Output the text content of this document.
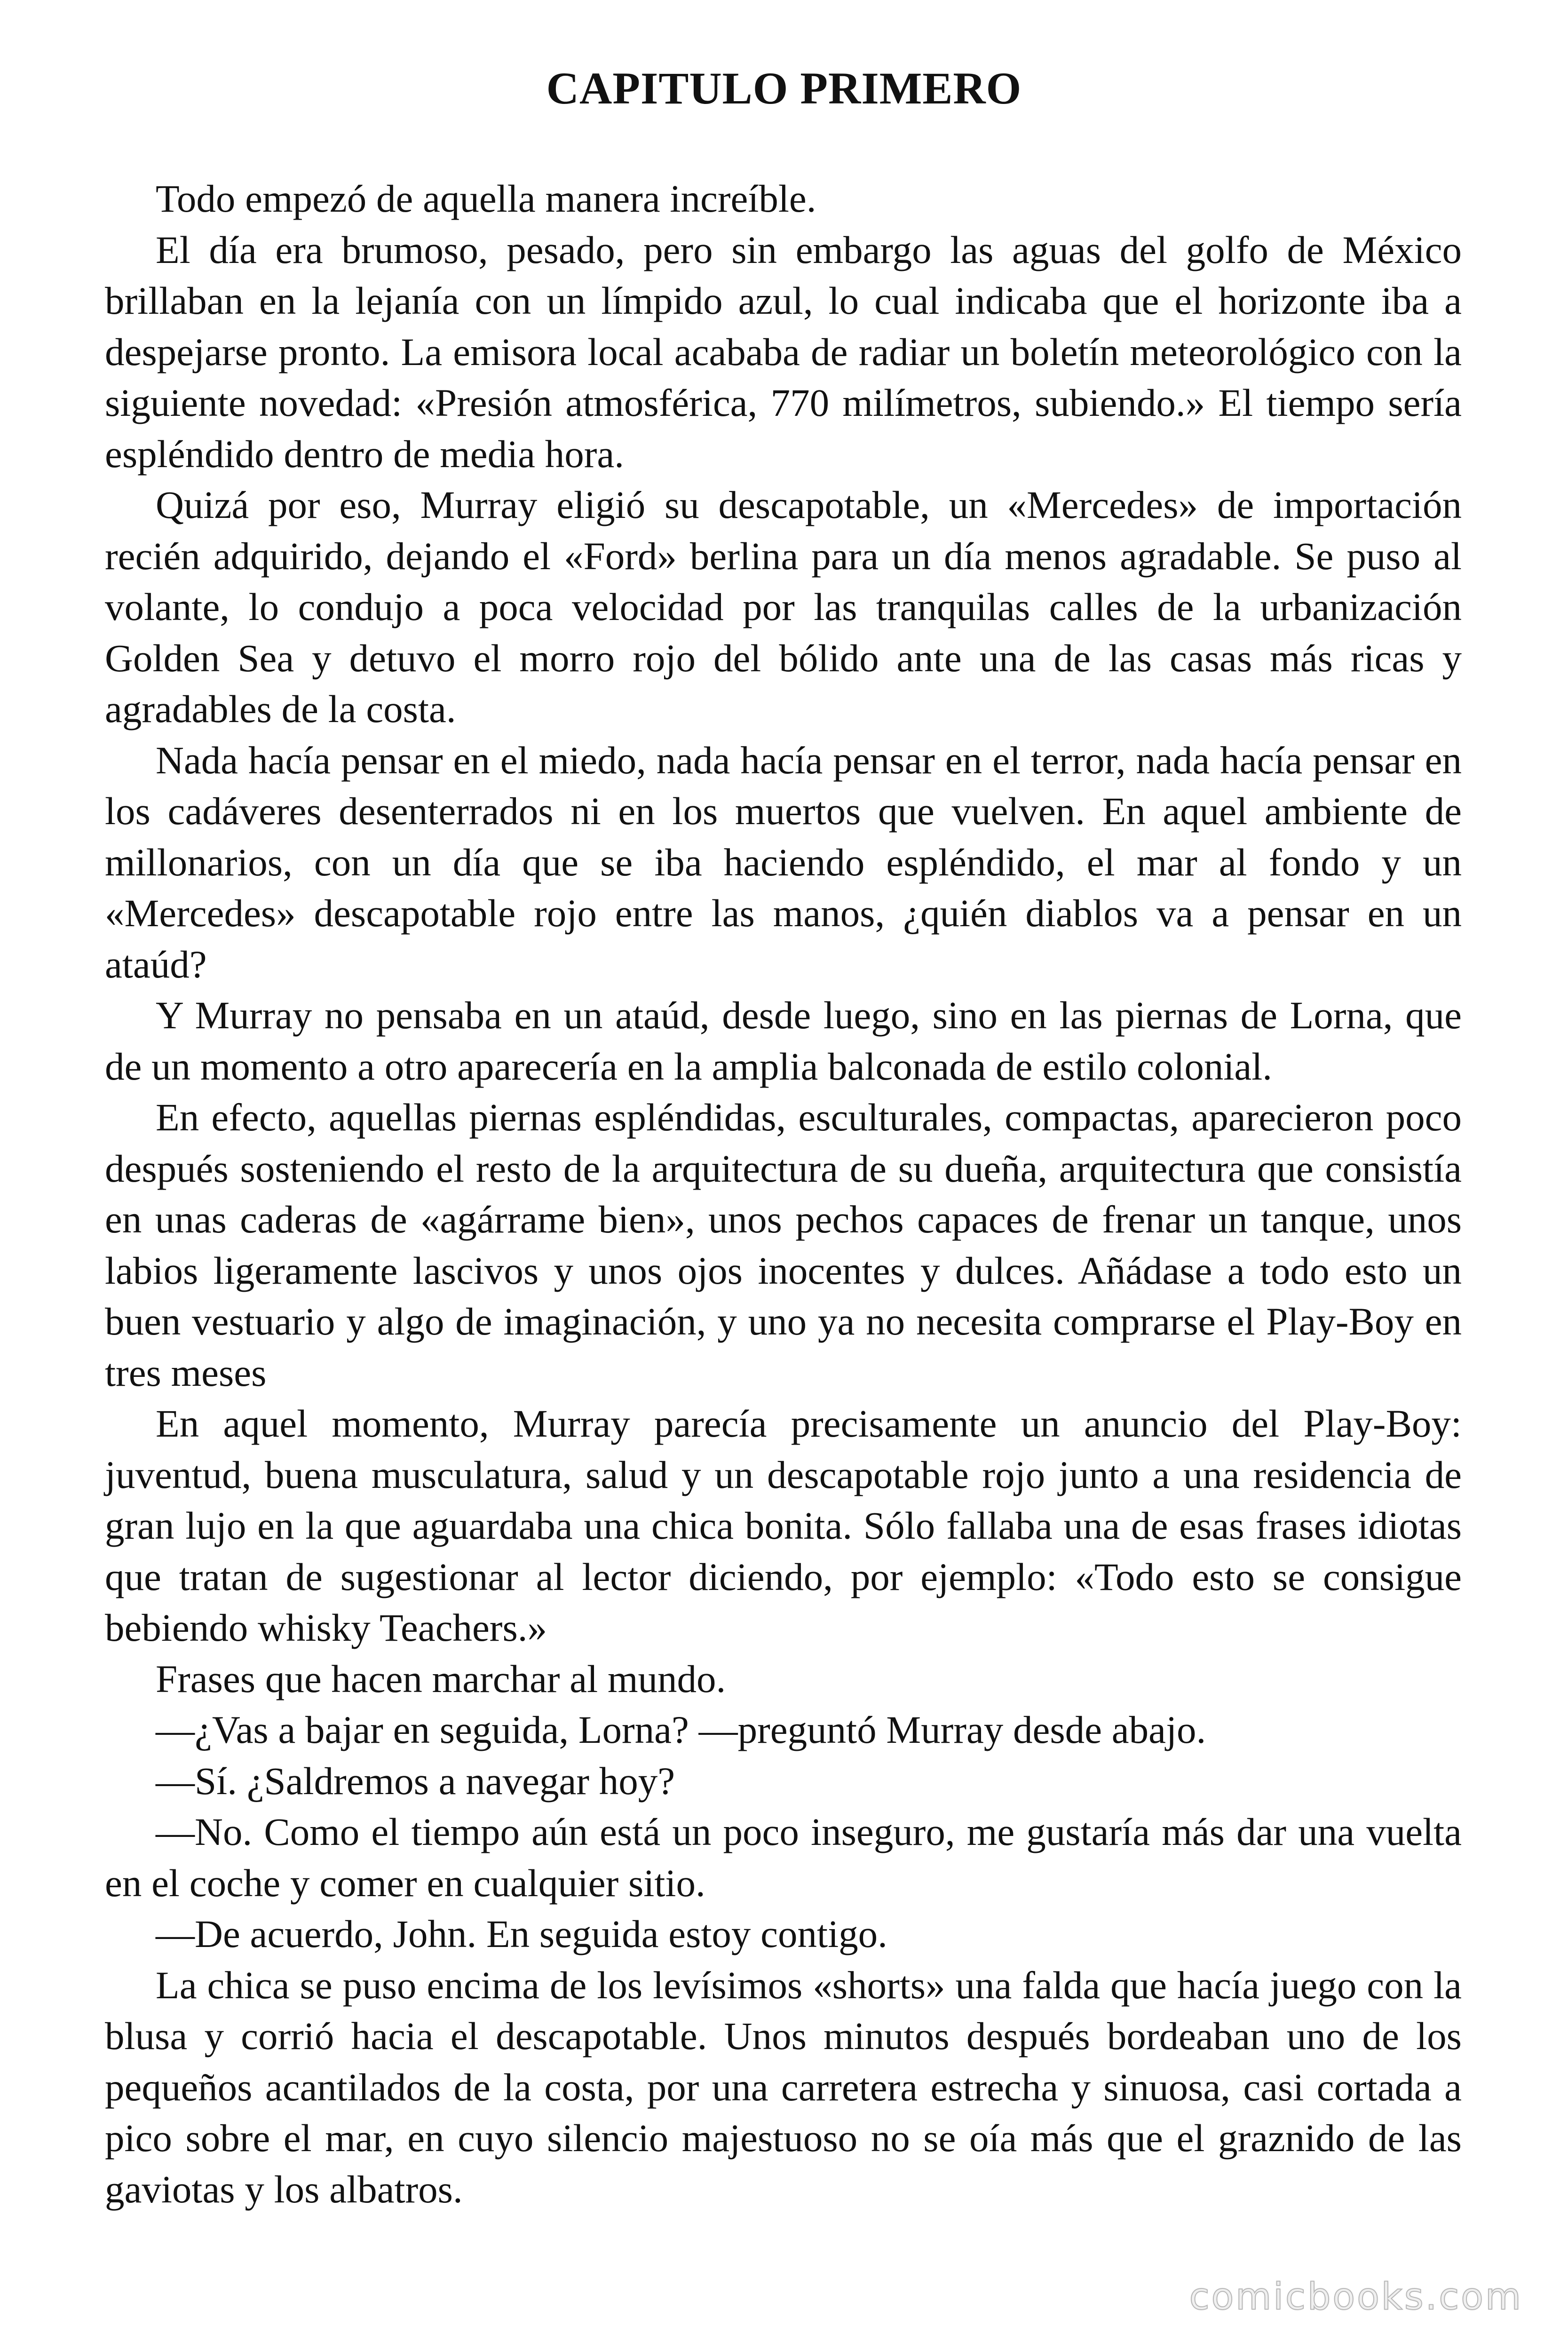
CAPITULO PRIMERO

Todo empezó de aquella manera increíble.

El día era brumoso, pesado, pero sin embargo las aguas del golfo de México brillaban en la lejanía con un límpido azul, lo cual indicaba que el horizonte iba a despejarse pronto. La emisora local acababa de radiar un boletín meteorológico con la siguiente novedad: «Presión atmosférica, 770 milímetros, subiendo.» El tiempo sería espléndido dentro de media hora.

Quizá por eso, Murray eligió su descapotable, un «Mercedes» de importación recién adquirido, dejando el «Ford» berlina para un día menos agradable. Se puso al volante, lo condujo a poca velocidad por las tranquilas calles de la urbanización Golden Sea y detuvo el morro rojo del bólido ante una de las casas más ricas y agradables de la costa.

Nada hacía pensar en el miedo, nada hacía pensar en el terror, nada hacía pensar en los cadáveres desenterrados ni en los muertos que vuelven. En aquel ambiente de millonarios, con un día que se iba haciendo espléndido, el mar al fondo y un «Mercedes» descapotable rojo entre las manos, ¿quién diablos va a pensar en un ataúd?

Y Murray no pensaba en un ataúd, desde luego, sino en las piernas de Lorna, que de un momento a otro aparecería en la amplia balconada de estilo colonial.

En efecto, aquellas piernas espléndidas, esculturales, compactas, aparecieron poco después sosteniendo el resto de la arquitectura de su dueña, arquitectura que consistía en unas caderas de «agárrame bien», unos pechos capaces de frenar un tanque, unos labios ligeramente lascivos y unos ojos inocentes y dulces. Añádase a todo esto un buen vestuario y algo de imaginación, y uno ya no necesita comprarse el Play-Boy en tres meses

En aquel momento, Murray parecía precisamente un anuncio del Play-Boy: juventud, buena musculatura, salud y un descapotable rojo junto a una residencia de gran lujo en la que aguardaba una chica bonita. Sólo fallaba una de esas frases idiotas que tratan de sugestionar al lector diciendo, por ejemplo: «Todo esto se consigue bebiendo whisky Teachers.»

Frases que hacen marchar al mundo.

—¿Vas a bajar en seguida, Lorna? —preguntó Murray desde abajo.

—Sí. ¿Saldremos a navegar hoy?

—No. Como el tiempo aún está un poco inseguro, me gustaría más dar una vuelta en el coche y comer en cualquier sitio.

—De acuerdo, John. En seguida estoy contigo.

La chica se puso encima de los levísimos «shorts» una falda que hacía juego con la blusa y corrió hacia el descapotable. Unos minutos después bordeaban uno de los pequeños acantilados de la costa, por una carretera estrecha y sinuosa, casi cortada a pico sobre el mar, en cuyo silencio majestuoso no se oía más que el graznido de las gaviotas y los albatros.

comicbooks.com
